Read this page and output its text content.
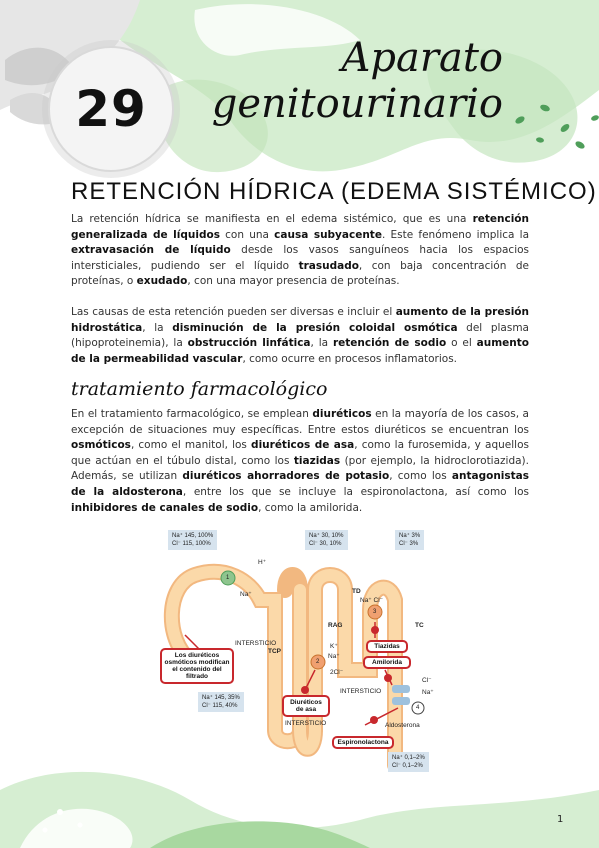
29
Aparato
genitourinario
RETENCIÓN HÍDRICA (EDEMA SISTÉMICO)
La retención hídrica se manifiesta en el edema sistémico, que es una retención generalizada de líquidos con una causa subyacente. Este fenómeno implica la extravasación de líquido desde los vasos sanguíneos hacia los espacios intersticiales, pudiendo ser el líquido trasudado, con baja concentración de proteínas, o exudado, con una mayor presencia de proteínas.
Las causas de esta retención pueden ser diversas e incluir el aumento de la presión hidrostática, la disminución de la presión coloidal osmótica del plasma (hipoproteinemia), la obstrucción linfática, la retención de sodio o el aumento de la permeabilidad vascular, como ocurre en procesos inflamatorios.
tratamiento farmacológico
En el tratamiento farmacológico, se emplean diuréticos en la mayoría de los casos, a excepción de situaciones muy específicas. Entre estos diuréticos se encuentran los osmóticos, como el manitol, los diuréticos de asa, como la furosemida, y aquellos que actúan en el túbulo distal, como los tiazidas (por ejemplo, la hidroclorotiazida). Además, se utilizan diuréticos ahorradores de potasio, como los antagonistas de la aldosterona, entre los que se incluye la espironolactona, así como los inhibidores de canales de sodio, como la amilorida.
Na⁺ 145, 100%
Cl⁻ 115, 100%
Na⁺ 30, 10%
Cl⁻ 30, 10%
Na⁺ 3%
Cl⁻ 3%
Na⁺ 145, 35%
Cl⁻ 115, 40%
Na⁺ 0,1–2%
Cl⁻ 0,1–2%
H⁺
Na⁺
INTERSTICIO
TCP
TD
RAG	TC
Na⁺ Cl⁻
K⁺
Na⁺
2Cl⁻
Cl⁻
Na⁺
INTERSTICIO
INTERSTICIO	Aldosterona
1
2
3
4
Los diuréticos osmóticos modifican el contenido del filtrado
Diuréticos de asa
Tiazidas
Amilorida
Espironolactona
1
